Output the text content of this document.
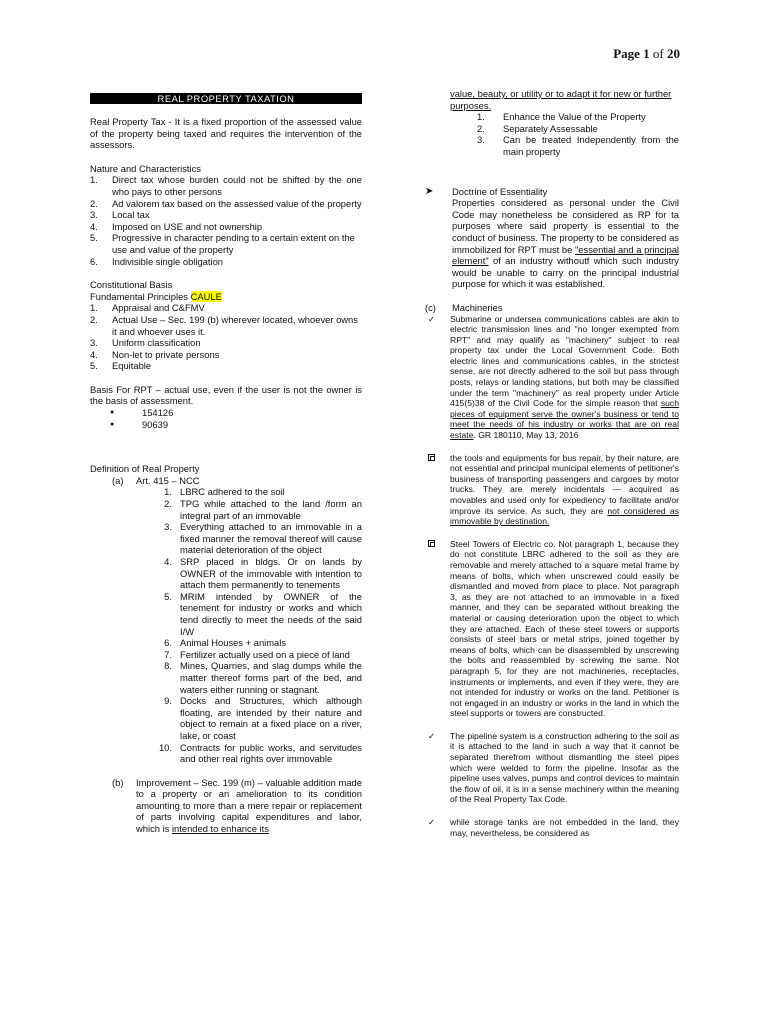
Page 1 of 20
REAL PROPERTY TAXATION

Real Property Tax - It is a fixed proportion of the assessed value of the property being taxed and requires the intervention of the assessors.

Nature and Characteristics

1.	Direct tax whose burden could not be shifted by the one who pays to other persons
2.	Ad valorem tax based on the assessed value of the property
3.	Local tax
4.	Imposed on USE and not ownership
5.	Progressive in character pending to a certain extent on the use and value of the property
6.	Indivisible single obligation

Constitutional Basis

Fundamental Principles CAULE

1.	Appraisal and C&FMV
2.	Actual Use – Sec. 199 (b) wherever located, whoever owns it and whoever uses it.
3.	Uniform classification
4.	Non-let to private persons
5.	Equitable

Basis For RPT – actual use, even if the user is not the owner is the basis of assessment.

●	154126
●	90639

Definition of Real Property

(a)	Art. 415 – NCC
1. LBRC adhered to the soil
2. TPG while attached to the land /form an integral part of an immovable
3. Everything attached to an immovable in a fixed manner the removal thereof will cause material deterioration of the object
4. SRP placed in bldgs. Or on lands by OWNER of the immovable with intention to attach them permanently to tenements
5. MRIM intended by OWNER of the tenement for industry or works and which tend directly to meet the needs of the said I/W
6. Animal Houses + animals
7. Fertilizer actually used on a piece of land
8. Mines, Quarries, and slag dumps while the matter thereof forms part of the bed, and waters either running or stagnant.
9. Docks and Structures, which although floating, are intended by their nature and object to remain at a fixed place on a river, lake, or coast
10. Contracts for public works, and servitudes and other real rights over immovable
(b)	Improvement – Sec. 199 (m) – valuable addition made to a property or an amelioration to its condition amounting to more than a mere repair or replacement of parts involving capital expenditures and labor, which is intended to enhance its

value, beauty, or utility or to adapt it for new or further purposes.

1.	Enhance the Value of the Property
2.	Separately Assessable
3.	Can be treated Independently from the main property
➤	Doctrine of Essentiality

Properties considered as personal under the Civil Code may nonetheless be considered as RP for ta purposes where said property is essential to the conduct of business. The property to be considered as immobilized for RPT must be "essential and a principal element" of an industry withoutf which such industry would be unable to carry on the principal industrial purpose for which it was established.

(c)	Machineries
✓	Submarine or undersea communications cables are akin to electric transmission lines and "no longer exempted from RPT" and may qualify as "machinery" subject to real property tax under the Local Government Code. Both electric lines and communications cables, in the strictest sense, are not directly adhered to the soil but pass through posts, relays or landing stations, but both may be classified under the term "machinery" as real property under Article 415(5)38 of the Civil Code for the simple reason that such pieces of equipment serve the owner's business or tend to meet the needs of his industry or works that are on real estate. GR 180110, May 13, 2016
the tools and equipments for bus repair, by their nature, are not essential and principal municipal elements of petitioner's business of transporting passengers and cargoes by motor trucks. They are merely incidentals — acquired as movables and used only for expediency to facilitate and/or improve its service. As such, they are not considered as immovable by destination.
Steel Towers of Electric co. Not paragraph 1, because they do not constitute LBRC adhered to the soil as they are removable and merely attached to a square metal frame by means of bolts, which when unscrewed could easily be dismantled and moved from place to place. Not paragraph 3, as they are not attached to an immovable in a fixed manner, and they can be separated without breaking the material or causing deterioration upon the object to which they are attached. Each of these steel towers or supports consists of steel bars or metal strips, joined together by means of bolts, which can be disassembled by unscrewing the bolts and reassembled by screwing the same. Not paragraph 5, for they are not machineries, receptacles, instruments or implements, and even if they were, they are not intended for industry or works on the land. Petitioner is not engaged in an industry or works in the land in which the steel supports or towers are constructed.
✓	The pipeline system is a construction adhering to the soil as it is attached to the land in such a way that it cannot be separated therefrom without dismantling the steel pipes which were welded to form the pipeline. Insofar as the pipeline uses valves, pumps and control devices to maintain the flow of oil, it is in a sense machinery within the meaning of the Real Property Tax Code.
✓	while storage tanks are not embedded in the land, they may, nevertheless, be considered as
